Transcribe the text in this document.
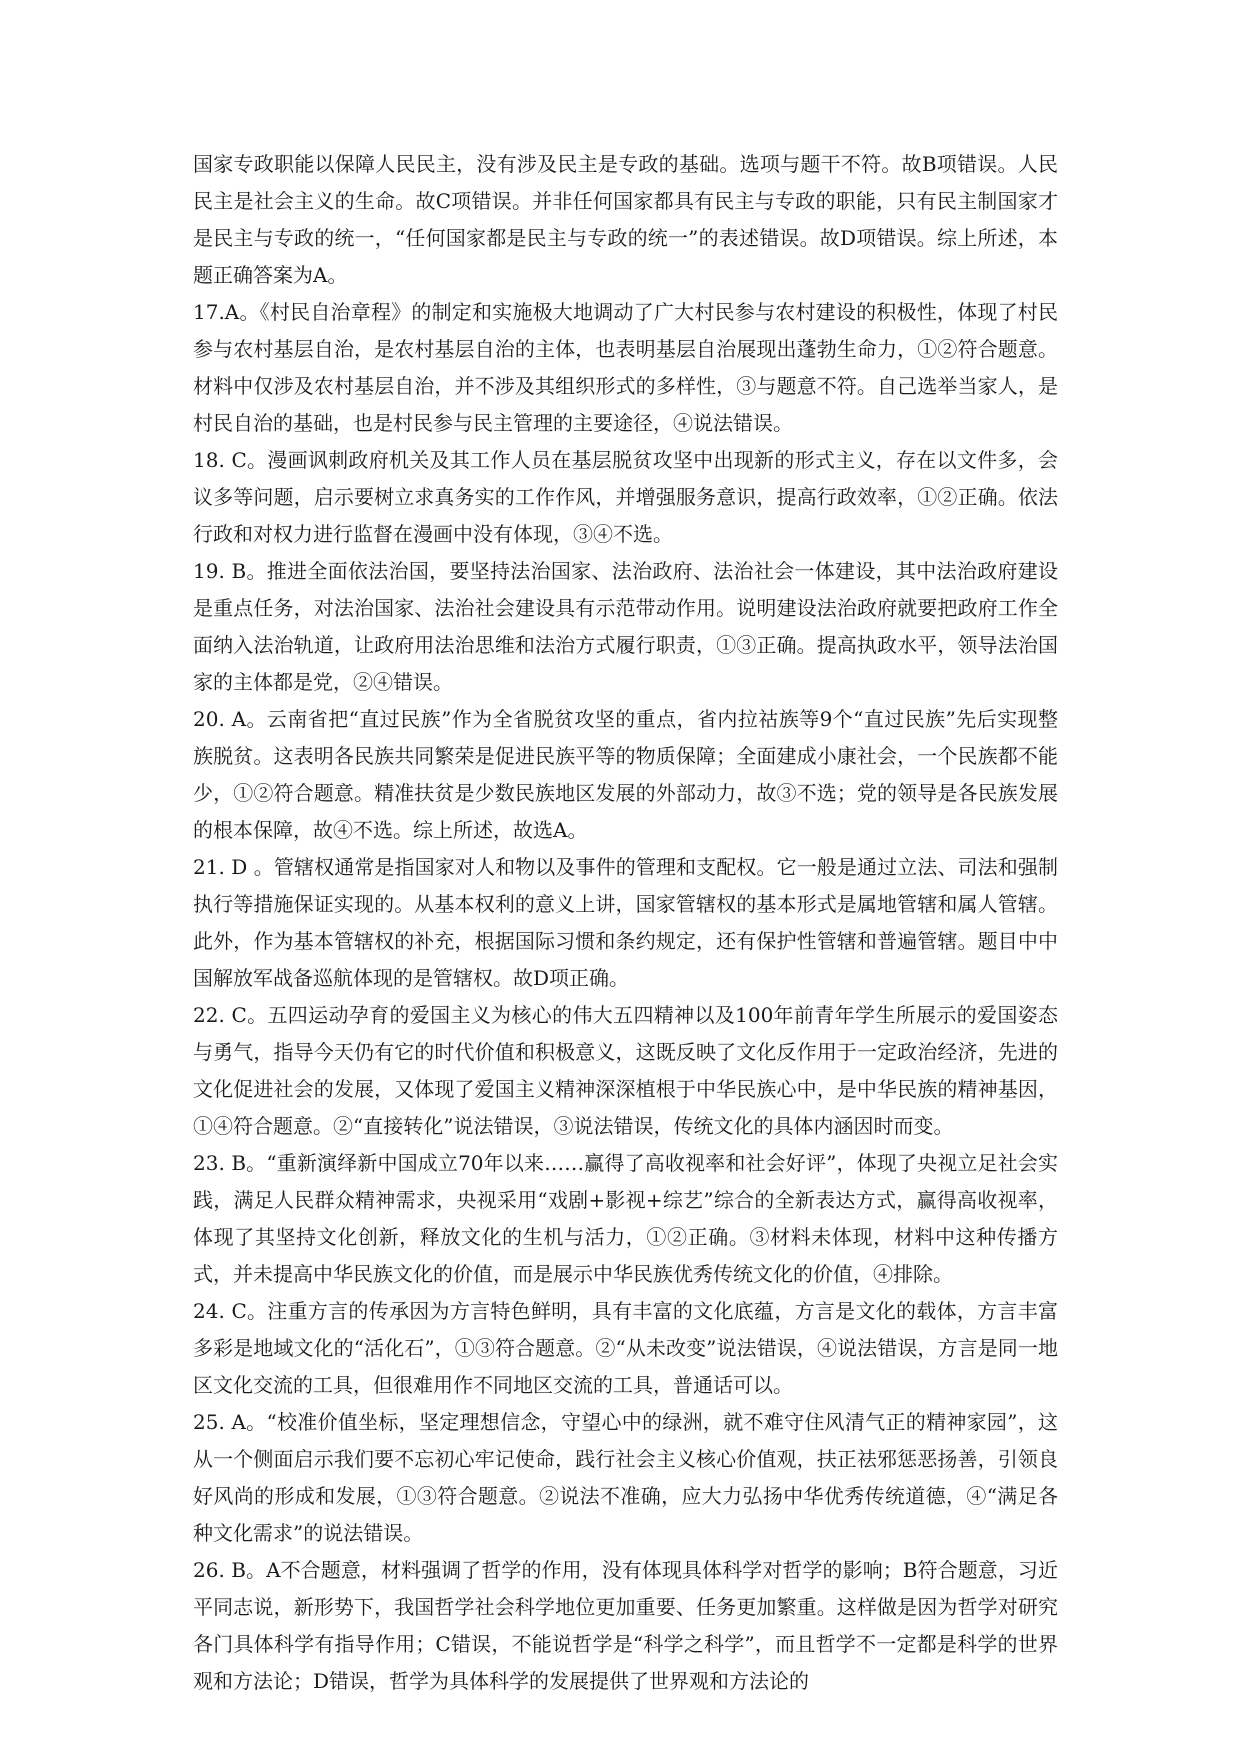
国家专政职能以保障人民民主，没有涉及民主是专政的基础。选项与题干不符。故B项错误。人民民主是社会主义的生命。故C项错误。并非任何国家都具有民主与专政的职能，只有民主制国家才是民主与专政的统一，“任何国家都是民主与专政的统一”的表述错误。故D项错误。综上所述，本题正确答案为A。

17.A。《村民自治章程》的制定和实施极大地调动了广大村民参与农村建设的积极性，体现了村民参与农村基层自治，是农村基层自治的主体，也表明基层自治展现出蓬勃生命力，①②符合题意。材料中仅涉及农村基层自治，并不涉及其组织形式的多样性，③与题意不符。自己选举当家人，是村民自治的基础，也是村民参与民主管理的主要途径，④说法错误。

18. C。漫画讽刺政府机关及其工作人员在基层脱贫攻坚中出现新的形式主义，存在以文件多，会议多等问题，启示要树立求真务实的工作作风，并增强服务意识，提高行政效率，①②正确。依法行政和对权力进行监督在漫画中没有体现，③④不选。

19. B。推进全面依法治国，要坚持法治国家、法治政府、法治社会一体建设，其中法治政府建设是重点任务，对法治国家、法治社会建设具有示范带动作用。说明建设法治政府就要把政府工作全面纳入法治轨道，让政府用法治思维和法治方式履行职责，①③正确。提高执政水平，领导法治国家的主体都是党，②④错误。

20. A。云南省把“直过民族”作为全省脱贫攻坚的重点，省内拉祜族等9个“直过民族”先后实现整族脱贫。这表明各民族共同繁荣是促进民族平等的物质保障；全面建成小康社会，一个民族都不能少，①②符合题意。精准扶贫是少数民族地区发展的外部动力，故③不选；党的领导是各民族发展的根本保障，故④不选。综上所述，故选A。

21. D 。管辖权通常是指国家对人和物以及事件的管理和支配权。它一般是通过立法、司法和强制执行等措施保证实现的。从基本权利的意义上讲，国家管辖权的基本形式是属地管辖和属人管辖。此外，作为基本管辖权的补充，根据国际习惯和条约规定，还有保护性管辖和普遍管辖。题目中中国解放军战备巡航体现的是管辖权。故D项正确。

22. C。五四运动孕育的爱国主义为核心的伟大五四精神以及100年前青年学生所展示的爱国姿态与勇气，指导今天仍有它的时代价值和积极意义，这既反映了文化反作用于一定政治经济，先进的文化促进社会的发展，又体现了爱国主义精神深深植根于中华民族心中，是中华民族的精神基因，①④符合题意。②“直接转化”说法错误，③说法错误，传统文化的具体内涵因时而变。

23. B。“重新演绎新中国成立70年以来……赢得了高收视率和社会好评”，体现了央视立足社会实践，满足人民群众精神需求，央视采用“戏剧+影视+综艺”综合的全新表达方式，赢得高收视率，体现了其坚持文化创新，释放文化的生机与活力，①②正确。③材料未体现，材料中这种传播方式，并未提高中华民族文化的价值，而是展示中华民族优秀传统文化的价值，④排除。

24. C。注重方言的传承因为方言特色鲜明，具有丰富的文化底蕴，方言是文化的载体，方言丰富多彩是地域文化的“活化石”，①③符合题意。②“从未改变”说法错误，④说法错误，方言是同一地区文化交流的工具，但很难用作不同地区交流的工具，普通话可以。

25. A。“校准价值坐标，坚定理想信念，守望心中的绿洲，就不难守住风清气正的精神家园”，这从一个侧面启示我们要不忘初心牢记使命，践行社会主义核心价值观，扶正祛邪惩恶扬善，引领良好风尚的形成和发展，①③符合题意。②说法不准确，应大力弘扬中华优秀传统道德，④“满足各种文化需求”的说法错误。

26. B。A不合题意，材料强调了哲学的作用，没有体现具体科学对哲学的影响；B符合题意，习近平同志说，新形势下，我国哲学社会科学地位更加重要、任务更加繁重。这样做是因为哲学对研究各门具体科学有指导作用；C错误，不能说哲学是“科学之科学”，而且哲学不一定都是科学的世界观和方法论；D错误，哲学为具体科学的发展提供了世界观和方法论的
